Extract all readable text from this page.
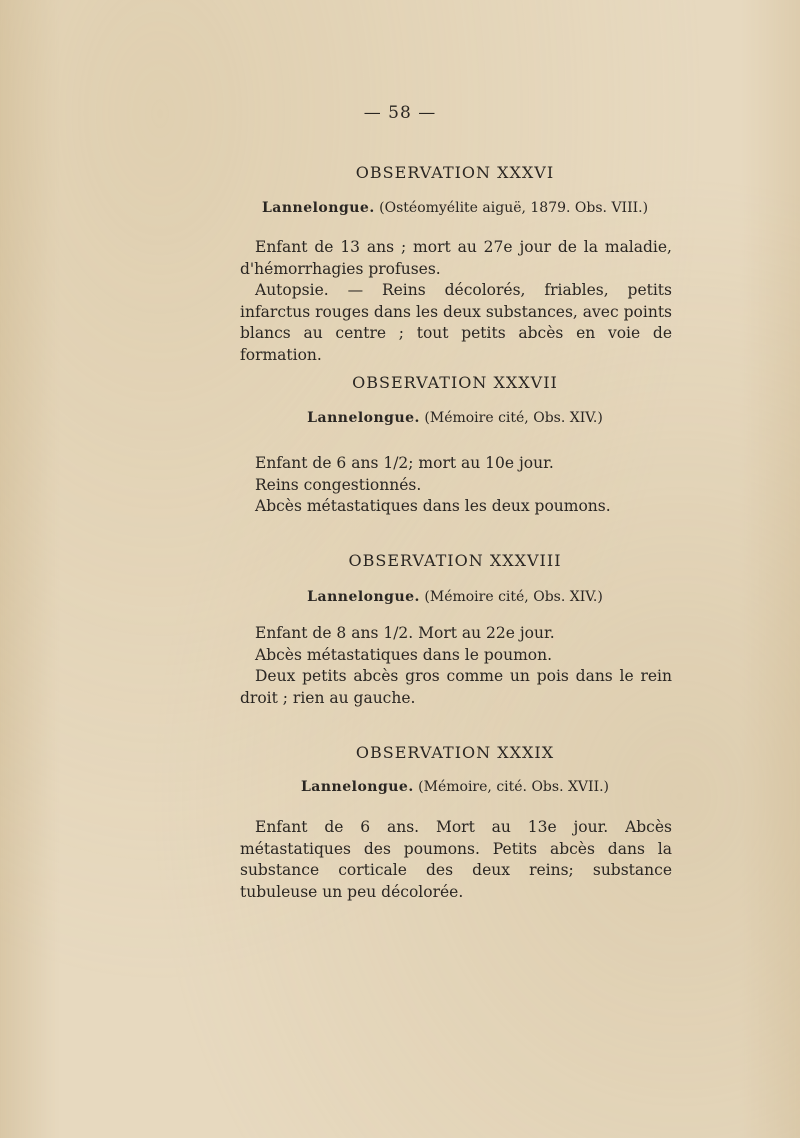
— 58 —
OBSERVATION XXXVI
Lannelongue. (Ostéomyélite aiguë, 1879. Obs. VIII.)

Enfant de 13 ans ; mort au 27e jour de la maladie, d'hémorrhagies profuses.

Autopsie. — Reins décolorés, friables, petits infarctus rouges dans les deux substances, avec points blancs au centre ; tout petits abcès en voie de formation.

OBSERVATION XXXVII
Lannelongue. (Mémoire cité, Obs. XIV.)

Enfant de 6 ans 1/2; mort au 10e jour.

Reins congestionnés.

Abcès métastatiques dans les deux poumons.

OBSERVATION XXXVIII
Lannelongue. (Mémoire cité, Obs. XIV.)

Enfant de 8 ans 1/2. Mort au 22e jour.

Abcès métastatiques dans le poumon.

Deux petits abcès gros comme un pois dans le rein droit ; rien au gauche.

OBSERVATION XXXIX
Lannelongue. (Mémoire, cité. Obs. XVII.)

Enfant de 6 ans. Mort au 13e jour. Abcès métastatiques des poumons. Petits abcès dans la substance corticale des deux reins; substance tubuleuse un peu décolorée.
